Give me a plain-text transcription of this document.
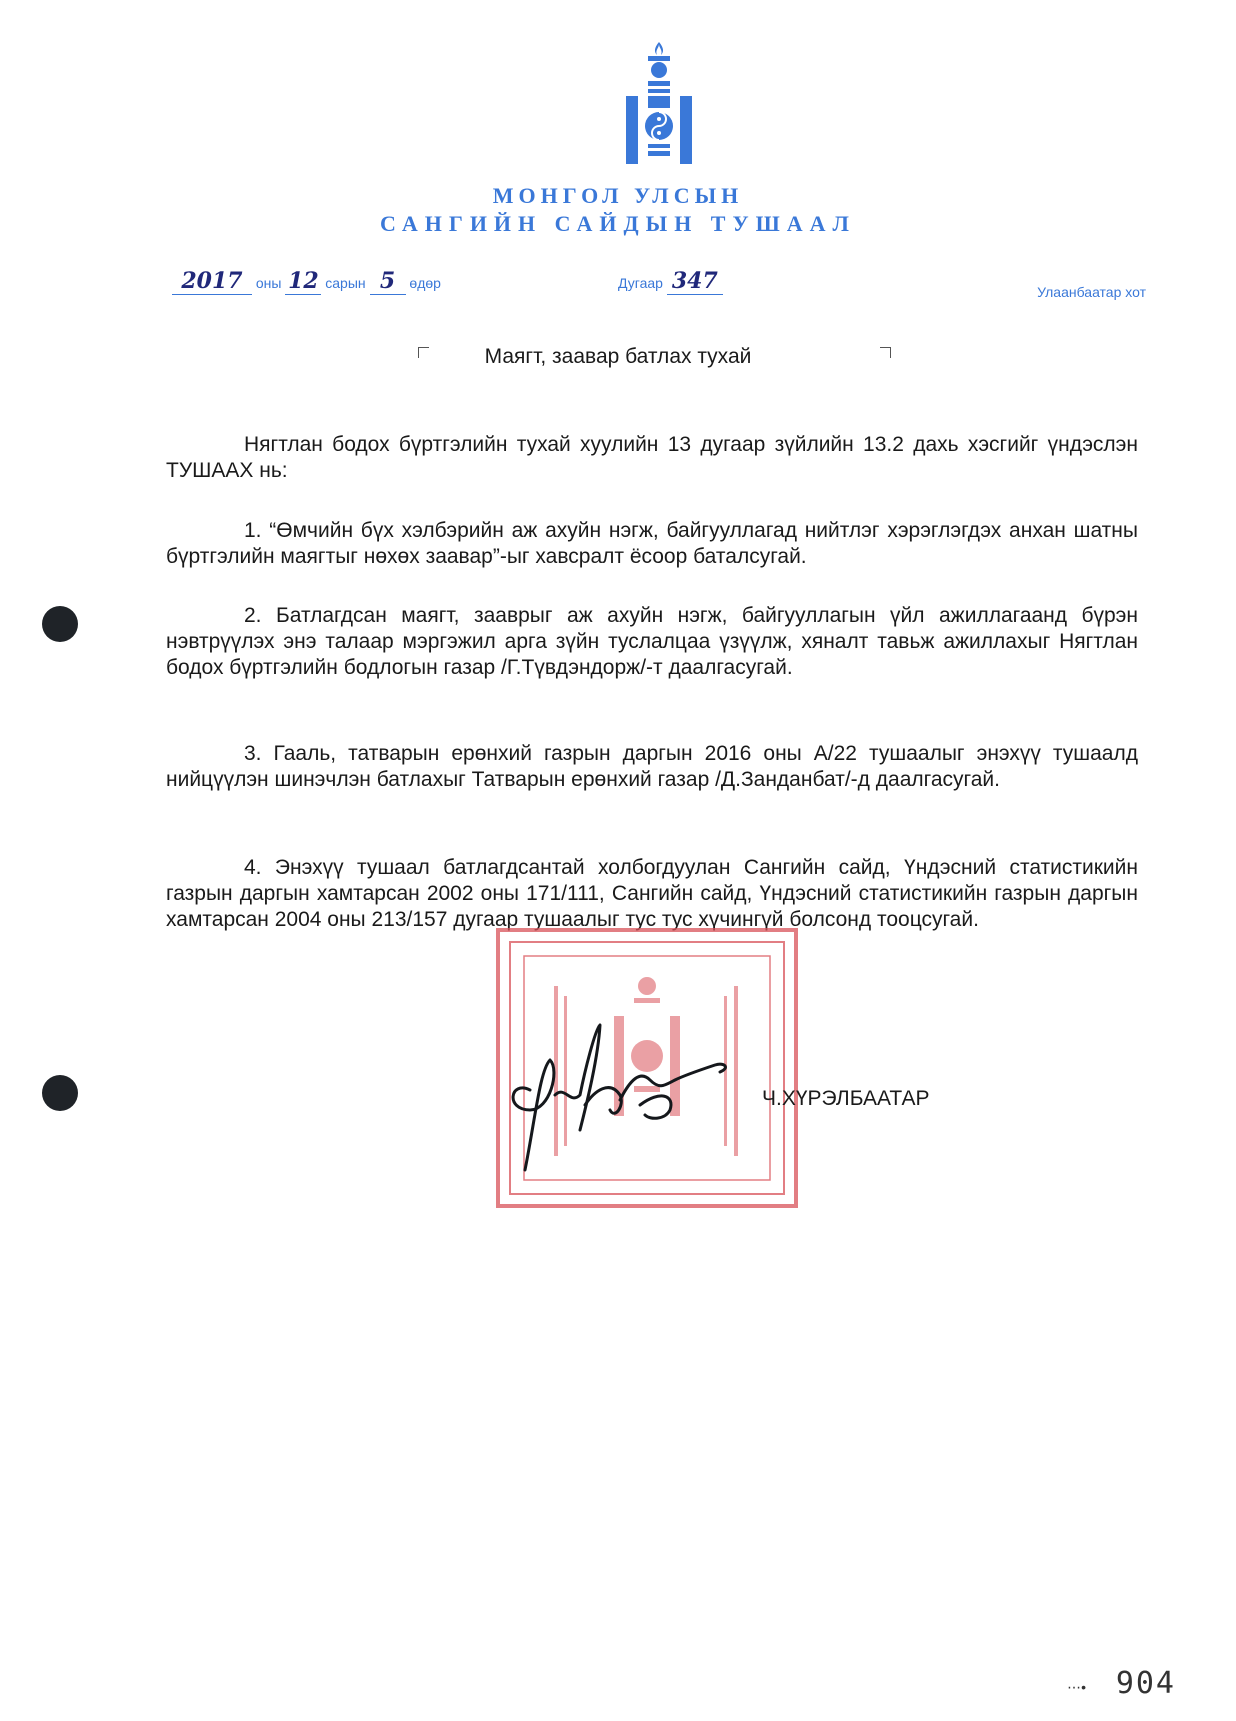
МОНГОЛ УЛСЫН
САНГИЙН САЙДЫН ТУШААЛ
2017 оны 12 сарын 5 өдөр	Дугаар 347	Улаанбаатар хот
Маягт, заавар батлах тухай
Нягтлан бодох бүртгэлийн тухай хуулийн 13 дугаар зүйлийн 13.2 дахь хэсгийг үндэслэн ТУШААХ нь:
1. “Өмчийн бүх хэлбэрийн аж ахуйн нэгж, байгууллагад нийтлэг хэрэглэгдэх анхан шатны бүртгэлийн маягтыг нөхөх заавар”-ыг хавсралт ёсоор баталсугай.
2. Батлагдсан маягт, зааврыг аж ахуйн нэгж, байгууллагын үйл ажиллагаанд бүрэн нэвтрүүлэх энэ талаар мэргэжил арга зүйн туслалцаа үзүүлж, хяналт тавьж ажиллахыг Нягтлан бодох бүртгэлийн бодлогын газар /Г.Түвдэндорж/-т даалгасугай.
3. Гааль, татварын ерөнхий газрын даргын 2016 оны А/22 тушаалыг энэхүү тушаалд нийцүүлэн шинэчлэн батлахыг Татварын ерөнхий газар /Д.Занданбат/-д даалгасугай.
4. Энэхүү тушаал батлагдсантай холбогдуулан Сангийн сайд, Үндэсний статистикийн газрын даргын хамтарсан 2002 оны 171/111, Сангийн сайд, Үндэсний статистикийн газрын даргын хамтарсан 2004 оны 213/157 дугаар тушаалыг тус тус хүчингүй болсонд тооцсугай.
Ч.ХҮРЭЛБААТАР
⋯• 904
